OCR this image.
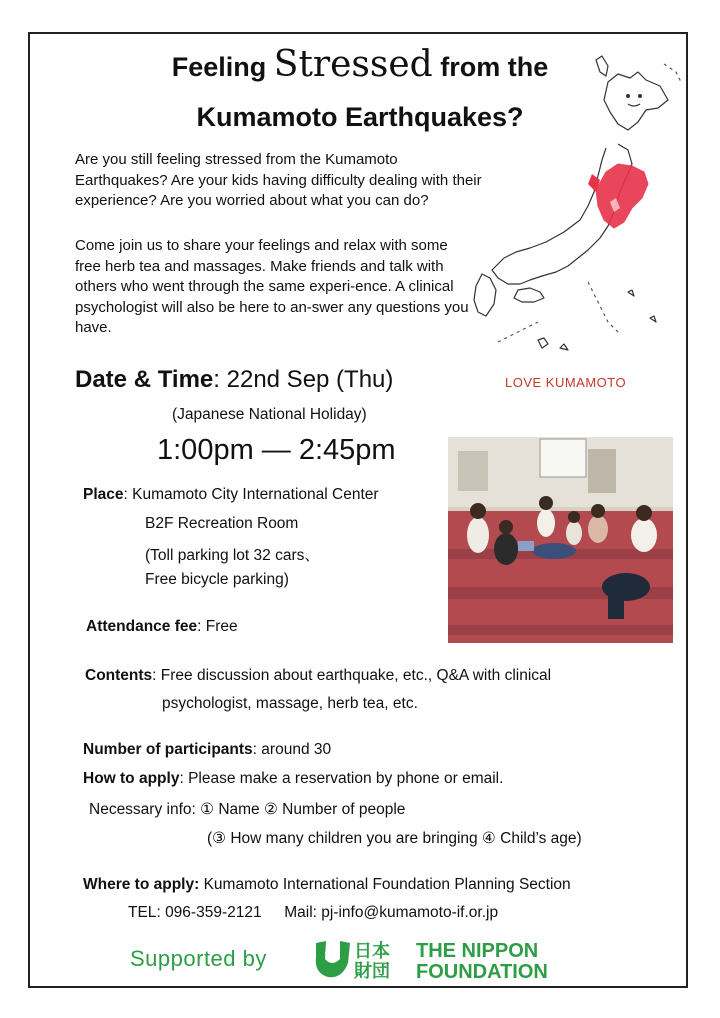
Feeling Stressed from the
Kumamoto Earthquakes?
Are you still feeling stressed from the Kumamoto Earthquakes? Are your kids having difficulty dealing with their experience? Are you worried about what you can do?
Come join us to share your feelings and relax with some free herb tea and massages. Make friends and talk with others who went through the same experi-ence. A clinical psychologist will also be here to an-swer any questions you have.
LOVE KUMAMOTO
Date & Time: 22nd Sep (Thu)
(Japanese National Holiday)
1:00pm — 2:45pm
Place: Kumamoto City International Center
B2F Recreation Room
(Toll parking lot 32 cars、
Free bicycle parking)
Attendance fee: Free
Contents: Free discussion about earthquake, etc., Q&A with clinical
psychologist, massage, herb tea, etc.
Number of participants: around 30
How to apply: Please make a reservation by phone or email.
Necessary info: ① Name ② Number of people
(③ How many children you are bringing ④ Child’s age)
Where to apply: Kumamoto International Foundation Planning Section
TEL: 096-359-2121 Mail: pj-info@kumamoto-if.or.jp
Supported by	日本
財団
THE NIPPON
FOUNDATION
